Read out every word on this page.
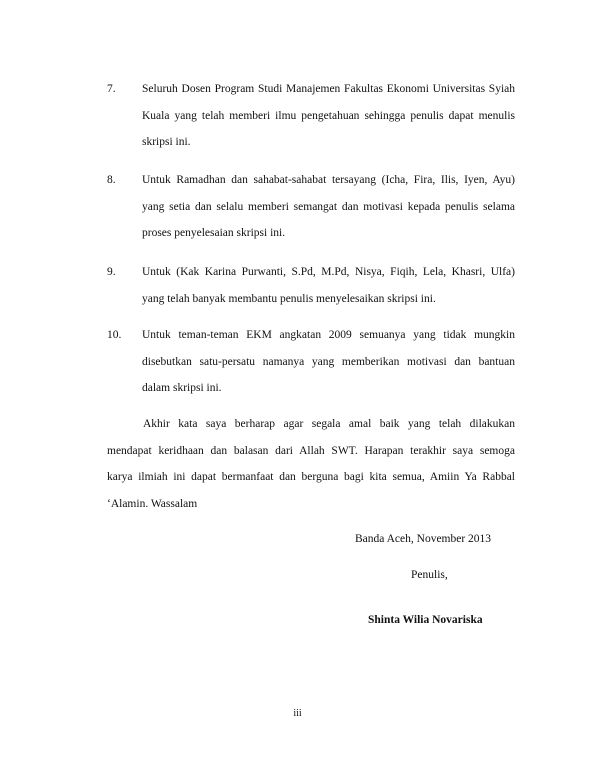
7.	Seluruh Dosen Program Studi Manajemen Fakultas Ekonomi Universitas Syiah
Kuala yang telah memberi ilmu pengetahuan sehingga penulis dapat menulis
skripsi ini.
8.	Untuk Ramadhan dan sahabat-sahabat tersayang (Icha, Fira, Ilis, Iyen, Ayu)
yang setia dan selalu memberi semangat dan motivasi kepada penulis selama
proses penyelesaian skripsi ini.
9.	Untuk (Kak Karina Purwanti, S.Pd, M.Pd, Nisya, Fiqih, Lela, Khasri, Ulfa)
yang telah banyak membantu penulis menyelesaikan skripsi ini.
10.	Untuk teman-teman EKM angkatan 2009 semuanya yang tidak mungkin
disebutkan satu-persatu namanya yang memberikan motivasi dan bantuan
dalam skripsi ini.
Akhir kata saya berharap agar segala amal baik yang telah dilakukan
mendapat keridhaan dan balasan dari Allah SWT. Harapan terakhir saya semoga
karya ilmiah ini dapat bermanfaat dan berguna bagi kita semua, Amiin Ya Rabbal
‘Alamin. Wassalam
Banda Aceh, November 2013
Penulis,
Shinta Wilia Novariska
iii
